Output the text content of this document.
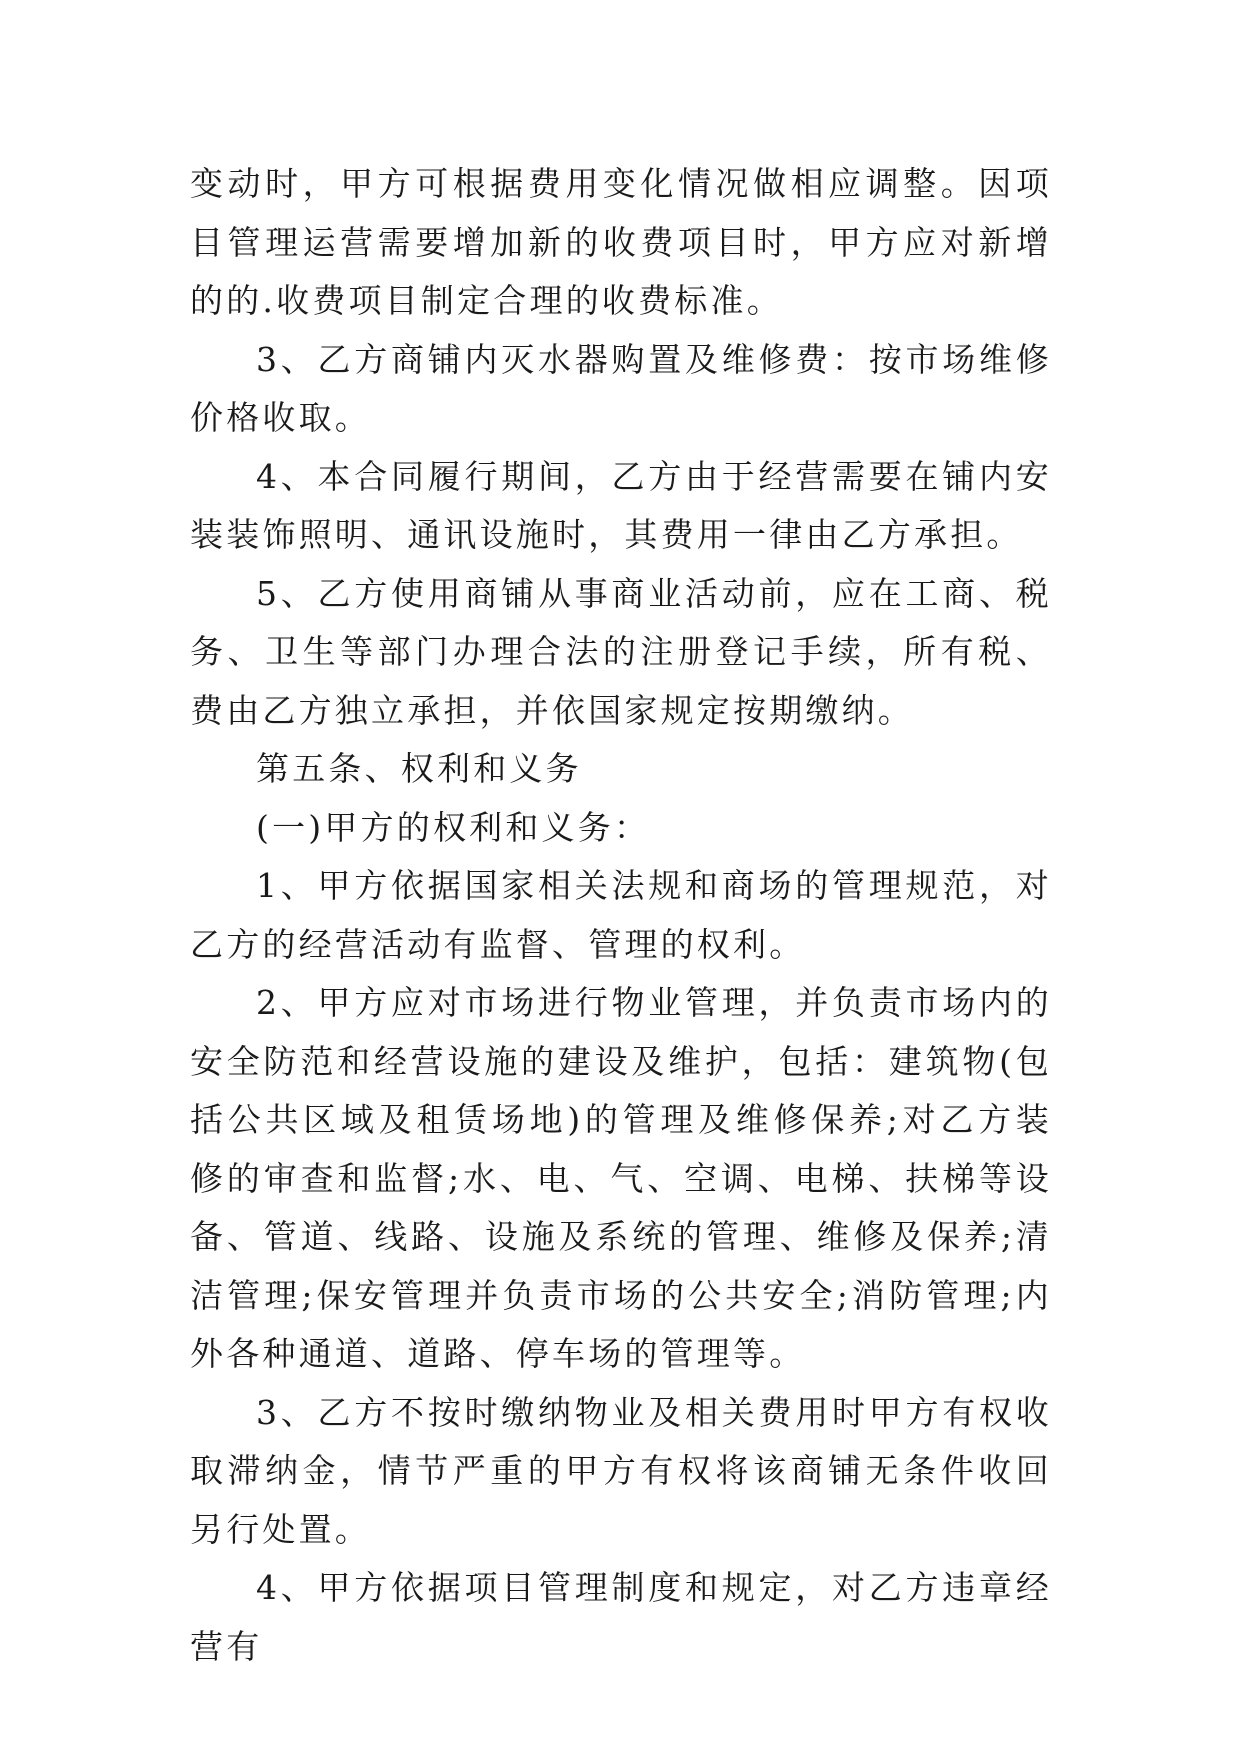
变动时，甲方可根据费用变化情况做相应调整。因项目管理运营需要增加新的收费项目时，甲方应对新增的的.收费项目制定合理的收费标准。

3、乙方商铺内灭水器购置及维修费：按市场维修价格收取。

4、本合同履行期间，乙方由于经营需要在铺内安装装饰照明、通讯设施时，其费用一律由乙方承担。

5、乙方使用商铺从事商业活动前，应在工商、税务、卫生等部门办理合法的注册登记手续，所有税、费由乙方独立承担，并依国家规定按期缴纳。

第五条、权利和义务

(一)甲方的权利和义务：

1、甲方依据国家相关法规和商场的管理规范，对乙方的经营活动有监督、管理的权利。

2、甲方应对市场进行物业管理，并负责市场内的安全防范和经营设施的建设及维护，包括：建筑物(包括公共区域及租赁场地)的管理及维修保养;对乙方装修的审查和监督;水、电、气、空调、电梯、扶梯等设备、管道、线路、设施及系统的管理、维修及保养;清洁管理;保安管理并负责市场的公共安全;消防管理;内外各种通道、道路、停车场的管理等。

3、乙方不按时缴纳物业及相关费用时甲方有权收取滞纳金，情节严重的甲方有权将该商铺无条件收回另行处置。

4、甲方依据项目管理制度和规定，对乙方违章经营有
